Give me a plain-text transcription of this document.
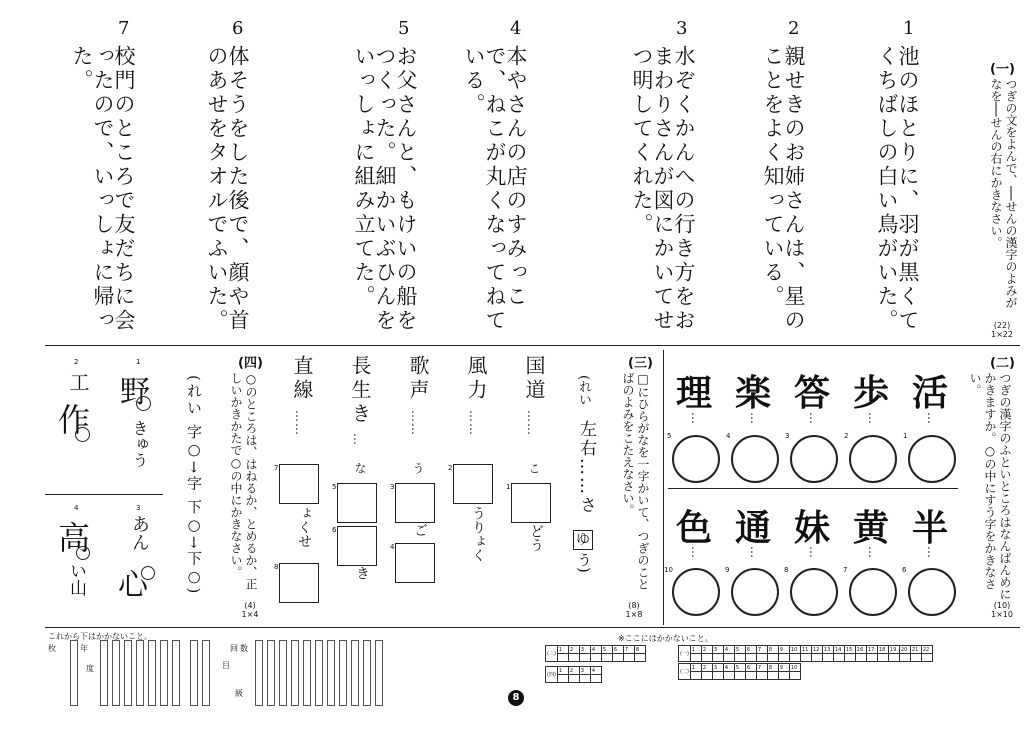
(一)
つぎの文をよんで、──せんの漢字のよみがなを──せんの右にかきなさい。
(22)
1×22
1
池のほとりに、羽が黒くてくちばしの白い鳥がいた。
2
親せきのお姉さんは、星のことをよく知っている。
3
水ぞくかんへの行き方をおまわりさんが図にかいてせつ明してくれた。
4
本やさんの店のすみっこで、ねこが丸くなってねている。
5
お父さんと、もけいの船をつくった。細かいぶひんをいっしょに組み立てた。
6
体そうをした後で、顔や首のあせをタオルでふいた。
7
校門のところで友だちに会ったので、いっしょに帰った。
(二)
つぎの漢字のふといところはなんばんめにかきますか。○の中にすう字をかきなさい。
(10)
1×10
活
…
1
歩
…
2
答
…
3
楽
…
4
理
…
5
半
…
6
黄
…
7
妹
…
8
通
…
9
色
…
10
(三)
□にひらがなを一字かいて、つぎのことばのよみをこたえなさい。
(8)
1×8
(れい
左右……さ
ゆ
う)
国道
……
こ
1
どう
風力
……
2
うりょく
歌声
……
う
3
ご
4
長生き
…
な
5
6
き
直線
……
7
ょくせ
8
(四)
○のところは、はねるか、とめるか、正しいかきかたで○の中にかきなさい。
(4)
1×4
(れい 字○→字 下○→下○)
1
野
きゅう
2
工
作
3
あん
心
4
高
い山
これから下はかかないこと。	※ここにはかかないこと。
枚	年
度
回 数
目
級
(三)	1	2	3	4	5	6	7	8

(四)	1	2	3	4

(一)	1	2	3	4	5	6	7	8	9	10	11	12	13	14	15	16	17	18	19	20	21	22

(二)	1	2	3	4	5	6	7	8	9	10

8
